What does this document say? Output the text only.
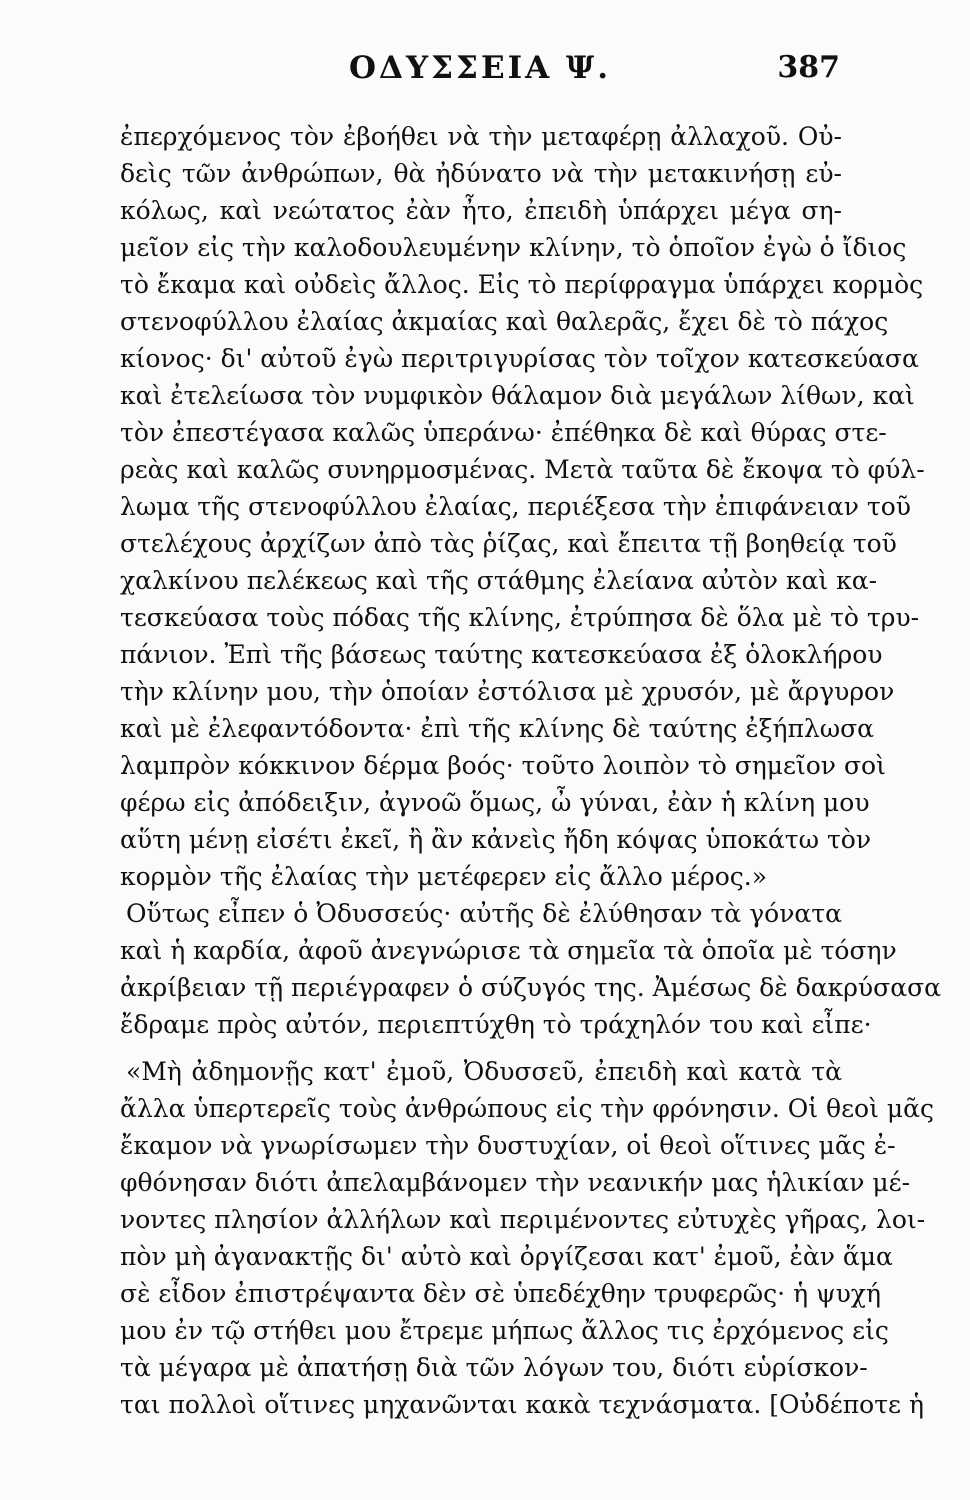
ΟΔΥΣΣΕΙΑ Ψ.	387
ἐπερχόμενος τὸν ἐβοήθει νὰ τὴν μεταφέρῃ ἀλλαχοῦ. Οὐ-
δεὶς τῶν ἀνθρώπων, θὰ ἠδύνατο νὰ τὴν μετακινήσῃ εὐ-
κόλως, καὶ νεώτατος ἐὰν ἦτο, ἐπειδὴ ὑπάρχει μέγα ση-
μεῖον εἰς τὴν καλοδουλευμένην κλίνην, τὸ ὁποῖον ἐγὼ ὁ ἴδιος
τὸ ἔκαμα καὶ οὐδεὶς ἄλλος. Εἰς τὸ περίφραγμα ὑπάρχει κορμὸς
στενοφύλλου ἐλαίας ἀκμαίας καὶ θαλερᾶς, ἔχει δὲ τὸ πάχος
κίονος· δι' αὐτοῦ ἐγὼ περιτριγυρίσας τὸν τοῖχον κατεσκεύασα
καὶ ἐτελείωσα τὸν νυμφικὸν θάλαμον διὰ μεγάλων λίθων, καὶ
τὸν ἐπεστέγασα καλῶς ὑπεράνω· ἐπέθηκα δὲ καὶ θύρας στε-
ρεὰς καὶ καλῶς συνηρμοσμένας. Μετὰ ταῦτα δὲ ἔκοψα τὸ φύλ-
λωμα τῆς στενοφύλλου ἐλαίας, περιέξεσα τὴν ἐπιφάνειαν τοῦ
στελέχους ἀρχίζων ἀπὸ τὰς ῥίζας, καὶ ἔπειτα τῇ βοηθείᾳ τοῦ
χαλκίνου πελέκεως καὶ τῆς στάθμης ἐλείανα αὐτὸν καὶ κα-
τεσκεύασα τοὺς πόδας τῆς κλίνης, ἐτρύπησα δὲ ὅλα μὲ τὸ τρυ-
πάνιον. Ἐπὶ τῆς βάσεως ταύτης κατεσκεύασα ἐξ ὁλοκλήρου
τὴν κλίνην μου, τὴν ὁποίαν ἐστόλισα μὲ χρυσόν, μὲ ἄργυρον
καὶ μὲ ἐλεφαντόδοντα· ἐπὶ τῆς κλίνης δὲ ταύτης ἐξήπλωσα
λαμπρὸν κόκκινον δέρμα βοός· τοῦτο λοιπὸν τὸ σημεῖον σοὶ
φέρω εἰς ἀπόδειξιν, ἀγνοῶ ὅμως, ὦ γύναι, ἐὰν ἡ κλίνη μου
αὕτη μένῃ εἰσέτι ἐκεῖ, ἢ ἂν κἀνεὶς ἤδη κόψας ὑποκάτω τὸν
κορμὸν τῆς ἐλαίας τὴν μετέφερεν εἰς ἄλλο μέρος.»
Οὕτως εἶπεν ὁ Ὀδυσσεύς· αὐτῆς δὲ ἐλύθησαν τὰ γόνατα
καὶ ἡ καρδία, ἀφοῦ ἀνεγνώρισε τὰ σημεῖα τὰ ὁποῖα μὲ τόσην
ἀκρίβειαν τῇ περιέγραφεν ὁ σύζυγός της. Ἀμέσως δὲ δακρύσασα
ἔδραμε πρὸς αὐτόν, περιεπτύχθη τὸ τράχηλόν του καὶ εἶπε·
«Μὴ ἀδημονῇς κατ' ἐμοῦ, Ὀδυσσεῦ, ἐπειδὴ καὶ κατὰ τὰ
ἄλλα ὑπερτερεῖς τοὺς ἀνθρώπους εἰς τὴν φρόνησιν. Οἱ θεοὶ μᾶς
ἔκαμον νὰ γνωρίσωμεν τὴν δυστυχίαν, οἱ θεοὶ οἵτινες μᾶς ἐ-
φθόνησαν διότι ἀπελαμβάνομεν τὴν νεανικήν μας ἡλικίαν μέ-
νοντες πλησίον ἀλλήλων καὶ περιμένοντες εὐτυχὲς γῆρας, λοι-
πὸν μὴ ἀγανακτῇς δι' αὐτὸ καὶ ὀργίζεσαι κατ' ἐμοῦ, ἐὰν ἅμα
σὲ εἶδον ἐπιστρέψαντα δὲν σὲ ὑπεδέχθην τρυφερῶς· ἡ ψυχή
μου ἐν τῷ στήθει μου ἔτρεμε μήπως ἄλλος τις ἐρχόμενος εἰς
τὰ μέγαρα μὲ ἀπατήσῃ διὰ τῶν λόγων του, διότι εὑρίσκον-
ται πολλοὶ οἵτινες μηχανῶνται κακὰ τεχνάσματα. [Οὐδέποτε ἡ
